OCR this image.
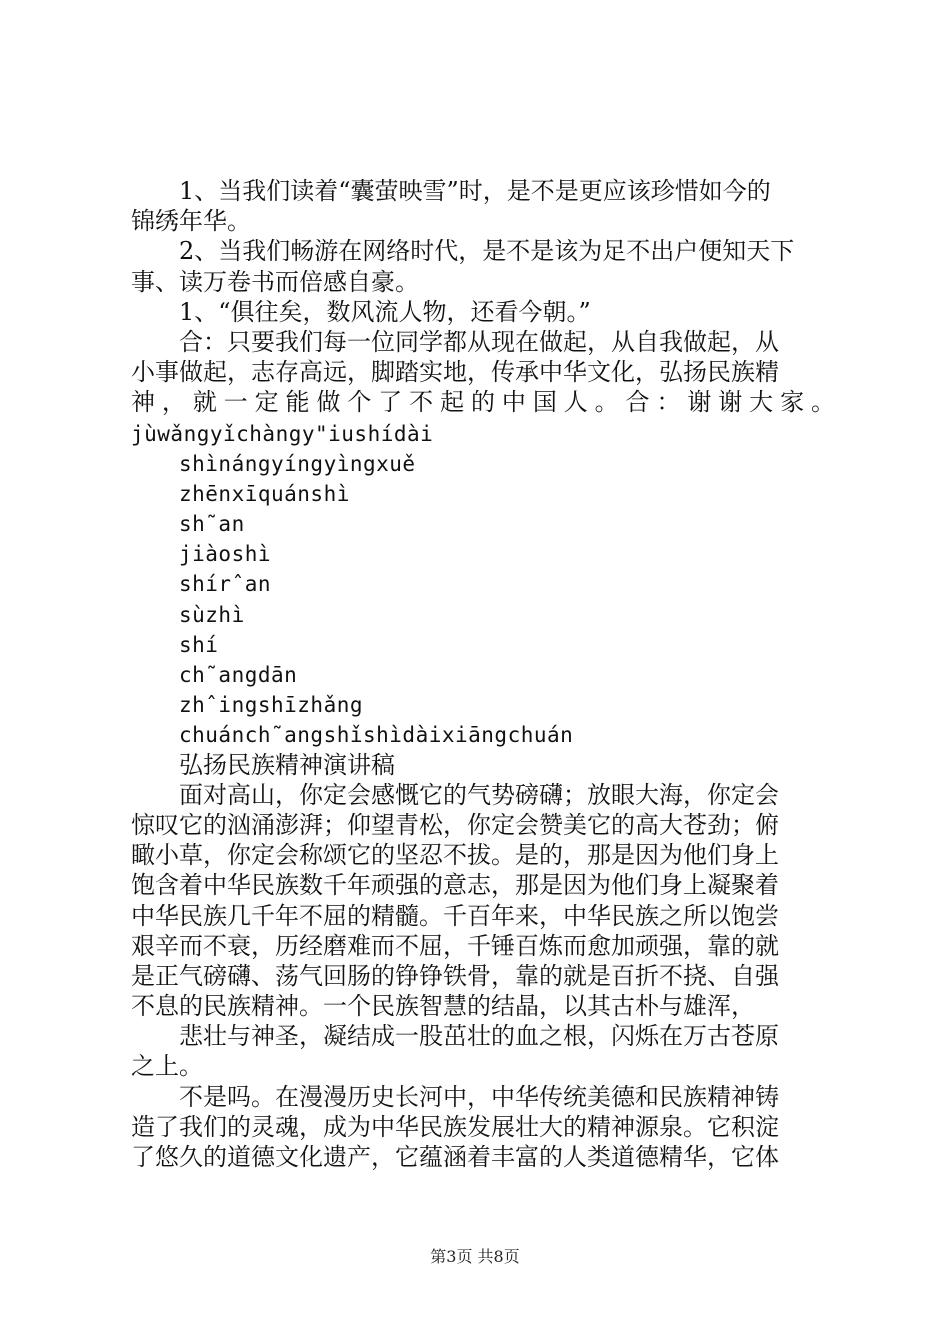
1、当我们读着“囊萤映雪”时，是不是更应该珍惜如今的
锦绣年华。
2、当我们畅游在网络时代，是不是该为足不出户便知天下
事、读万卷书而倍感自豪。
1、“俱往矣，数风流人物，还看今朝。”
合：只要我们每一位同学都从现在做起，从自我做起，从
小事做起，志存高远，脚踏实地，传承中华文化，弘扬民族精
神，就一定能做个了不起的中国人。合：谢谢大家。
jùwǎngyǐchàngy"iushídài
shìnángyíngyìngxuě
zhēnxīquánshì
sh˜an
jiàoshì
shírˆan
sùzhì
shí
ch˜angdān
zhˆingshīzhǎng
chuánch˜angshǐshìdàixiāngchuán
弘扬民族精神演讲稿
面对高山，你定会感慨它的气势磅礴；放眼大海，你定会
惊叹它的汹涌澎湃；仰望青松，你定会赞美它的高大苍劲；俯
瞰小草，你定会称颂它的坚忍不拔。是的，那是因为他们身上
饱含着中华民族数千年顽强的意志，那是因为他们身上凝聚着
中华民族几千年不屈的精髓。千百年来，中华民族之所以饱尝
艰辛而不衰，历经磨难而不屈，千锤百炼而愈加顽强，靠的就
是正气磅礴、荡气回肠的铮铮铁骨，靠的就是百折不挠、自强
不息的民族精神。一个民族智慧的结晶，以其古朴与雄浑，
悲壮与神圣，凝结成一股茁壮的血之根，闪烁在万古苍原
之上。
不是吗。在漫漫历史长河中，中华传统美德和民族精神铸
造了我们的灵魂，成为中华民族发展壮大的精神源泉。它积淀
了悠久的道德文化遗产，它蕴涵着丰富的人类道德精华，它体
第3页 共8页
